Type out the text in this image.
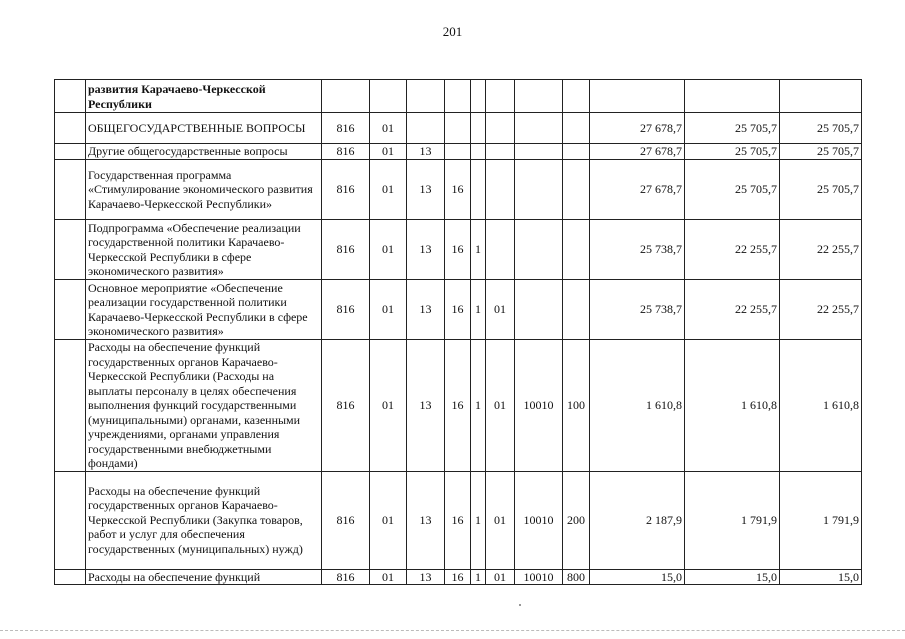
201
	развития Карачаево-Черкесской Республики											
	ОБЩЕГОСУДАРСТВЕННЫЕ ВОПРОСЫ	816	01							27 678,7	25 705,7	25 705,7
	Другие общегосударственные вопросы	816	01	13						27 678,7	25 705,7	25 705,7
	Государственная программа «Стимулирование экономического развития Карачаево-Черкесской Республики»	816	01	13	16					27 678,7	25 705,7	25 705,7
	Подпрограмма «Обеспечение реализации государственной политики Карачаево-Черкесской Республики в сфере экономического развития»	816	01	13	16	1				25 738,7	22 255,7	22 255,7
	Основное мероприятие «Обеспечение реализации государственной политики Карачаево-Черкесской Республики в сфере экономического развития»	816	01	13	16	1	01			25 738,7	22 255,7	22 255,7
	Расходы на обеспечение функций государственных органов Карачаево-Черкесской Республики (Расходы на выплаты персоналу в целях обеспечения выполнения функций государственными (муниципальными) органами, казенными учреждениями, органами управления государственными внебюджетными фондами)	816	01	13	16	1	01	10010	100	1 610,8	1 610,8	1 610,8
	Расходы на обеспечение функций государственных органов Карачаево-Черкесской Республики (Закупка товаров, работ и услуг для обеспечения государственных (муниципальных) нужд)	816	01	13	16	1	01	10010	200	2 187,9	1 791,9	1 791,9
	Расходы на обеспечение функций	816	01	13	16	1	01	10010	800	15,0	15,0	15,0
